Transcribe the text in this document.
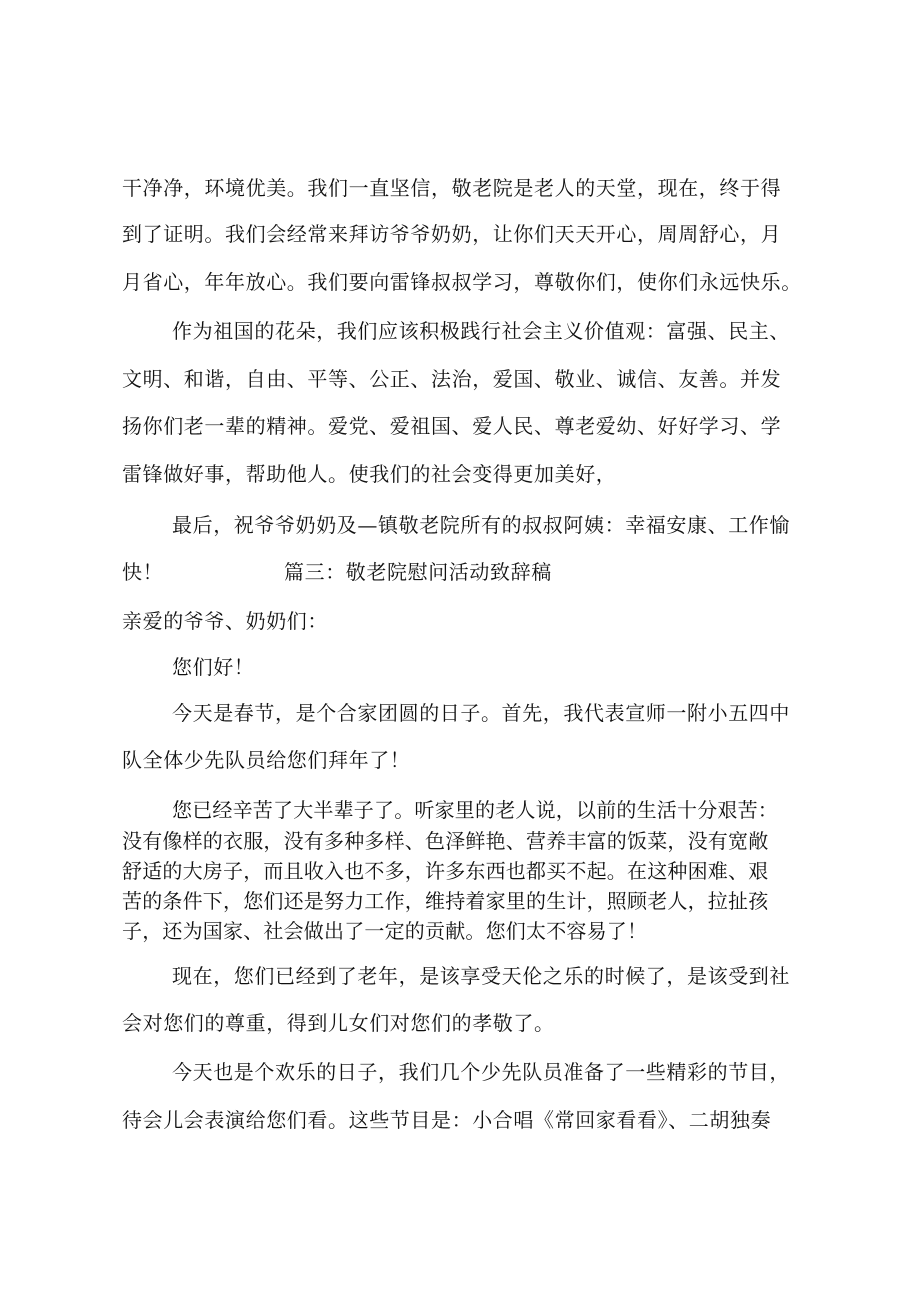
干净净，环境优美。我们一直坚信，敬老院是老人的天堂，现在，终于得
到了证明。我们会经常来拜访爷爷奶奶，让你们天天开心，周周舒心，月
月省心，年年放心。我们要向雷锋叔叔学习，尊敬你们，使你们永远快乐。
作为祖国的花朵，我们应该积极践行社会主义价值观：富强、民主、
文明、和谐，自由、平等、公正、法治，爱国、敬业、诚信、友善。并发
扬你们老一辈的精神。爱党、爱祖国、爱人民、尊老爱幼、好好学习、学
雷锋做好事，帮助他人。使我们的社会变得更加美好，
最后，祝爷爷奶奶及—镇敬老院所有的叔叔阿姨：幸福安康、工作愉
快！	篇三：敬老院慰问活动致辞稿
亲爱的爷爷、奶奶们：
您们好！
今天是春节，是个合家团圆的日子。首先，我代表宣师一附小五四中
队全体少先队员给您们拜年了！
您已经辛苦了大半辈子了。听家里的老人说，以前的生活十分艰苦：
没有像样的衣服，没有多种多样、色泽鲜艳、营养丰富的饭菜，没有宽敞
舒适的大房子，而且收入也不多，许多东西也都买不起。在这种困难、艰
苦的条件下，您们还是努力工作，维持着家里的生计，照顾老人，拉扯孩
子，还为国家、社会做出了一定的贡献。您们太不容易了！
现在，您们已经到了老年，是该享受天伦之乐的时候了，是该受到社
会对您们的尊重，得到儿女们对您们的孝敬了。
今天也是个欢乐的日子，我们几个少先队员准备了一些精彩的节目，
待会儿会表演给您们看。这些节目是：小合唱《常回家看看》、二胡独奏
